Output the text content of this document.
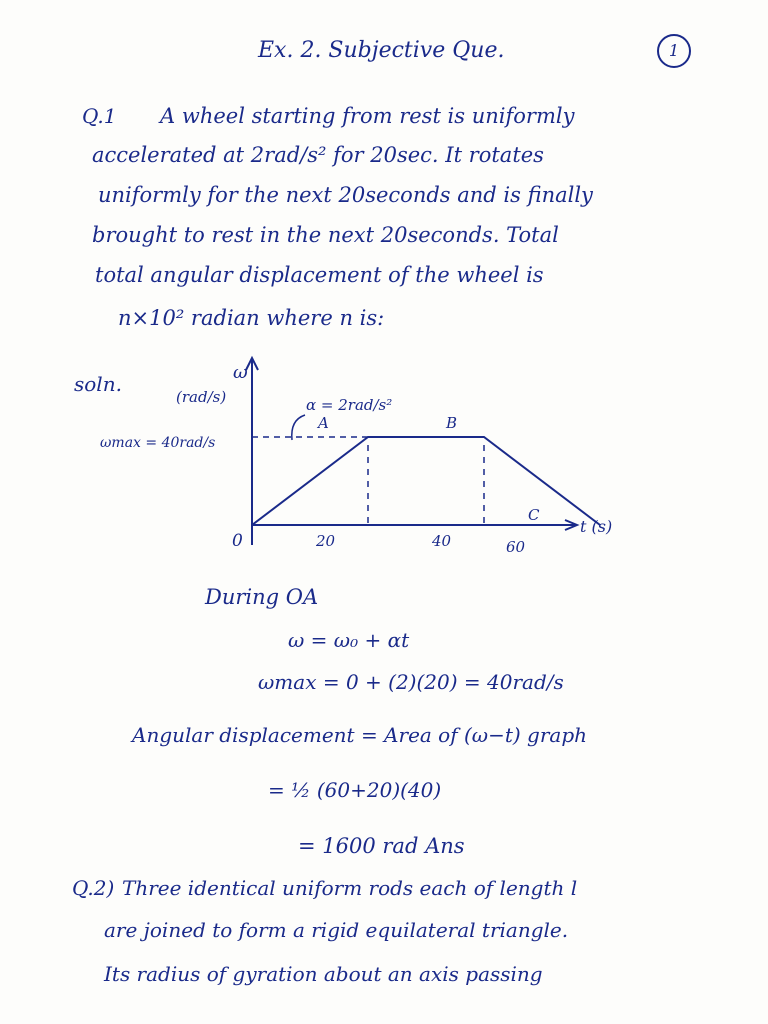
Ex. 2. Subjective Que.	1
Q.1 A wheel starting from rest is uniformly
accelerated at 2rad/s² for 20sec. It rotates
uniformly for the next 20seconds and is finally
brought to rest in the next 20seconds. Total
total angular displacement of the wheel is
n×10² radian where n is:
soln.	ω
(rad/s)
ωmax = 40rad/s
α = 2rad/s²
0	20	40	60
A	B
C
t (s)
During OA
ω = ω₀ + αt
ωmax = 0 + (2)(20) = 40rad/s
Angular displacement = Area of (ω−t) graph
= ½ (60+20)(40)
= 1600 rad Ans
Q.2) Three identical uniform rods each of length l
are joined to form a rigid equilateral triangle.
Its radius of gyration about an axis passing
